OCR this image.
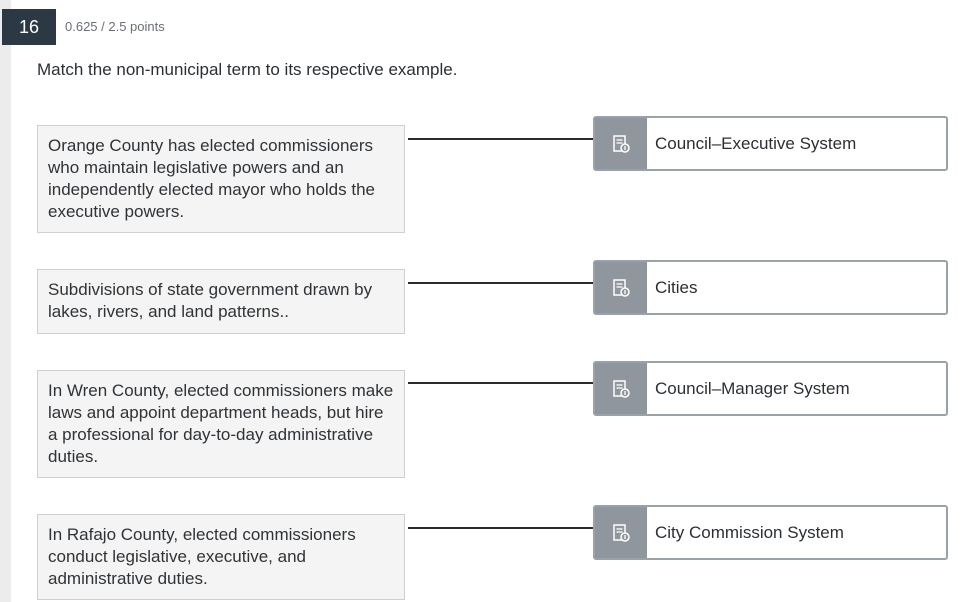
16	0.625 / 2.5 points
Match the non-municipal term to its respective example.
Orange County has elected commissioners who maintain legislative powers and an independently elected mayor who holds the executive powers.
Subdivisions of state government drawn by lakes, rivers, and land patterns..
In Wren County, elected commissioners make laws and appoint department heads, but hire a professional for day-to-day administrative duties.
In Rafajo County, elected commissioners conduct legislative, executive, and administrative duties.
Council–Executive System
Cities
Council–Manager System
City Commission System
